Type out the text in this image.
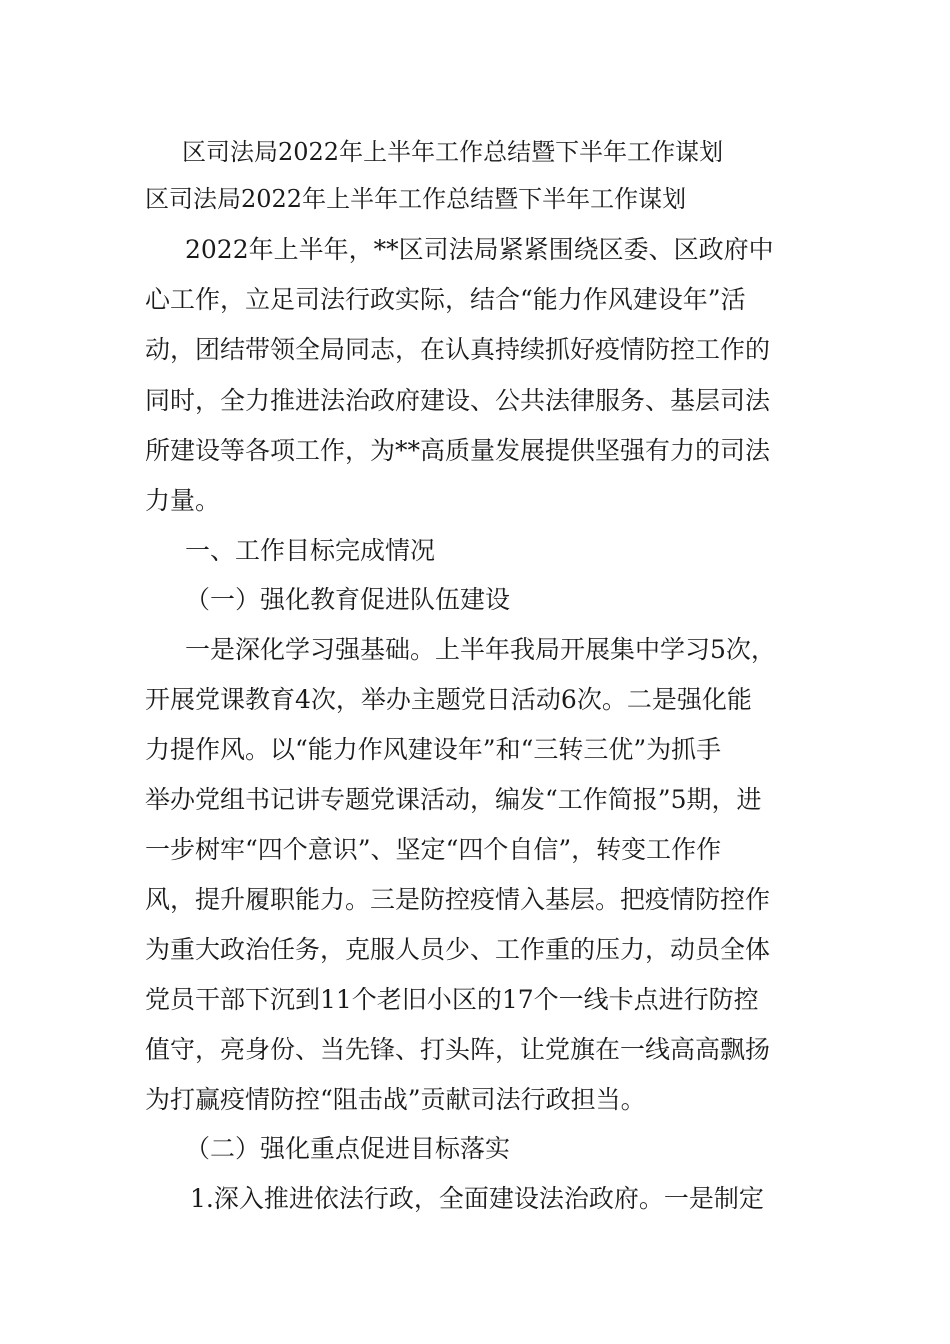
区司法局2022年上半年工作总结暨下半年工作谋划
区司法局2022年上半年工作总结暨下半年工作谋划
2022年上半年，**区司法局紧紧围绕区委、区政府中
心工作，立足司法行政实际，结合“能力作风建设年”活
动，团结带领全局同志，在认真持续抓好疫情防控工作的
同时，全力推进法治政府建设、公共法律服务、基层司法
所建设等各项工作，为**高质量发展提供坚强有力的司法
力量。
一、工作目标完成情况
（一）强化教育促进队伍建设
一是深化学习强基础。上半年我局开展集中学习5次，
开展党课教育4次，举办主题党日活动6次。二是强化能
力提作风。以“能力作风建设年”和“三转三优”为抓手
举办党组书记讲专题党课活动，编发“工作简报”5期，进
一步树牢“四个意识”、坚定“四个自信”，转变工作作
风，提升履职能力。三是防控疫情入基层。把疫情防控作
为重大政治任务，克服人员少、工作重的压力，动员全体
党员干部下沉到11个老旧小区的17个一线卡点进行防控
值守，亮身份、当先锋、打头阵，让党旗在一线高高飘扬
为打赢疫情防控“阻击战”贡献司法行政担当。
（二）强化重点促进目标落实
1.深入推进依法行政，全面建设法治政府。一是制定
